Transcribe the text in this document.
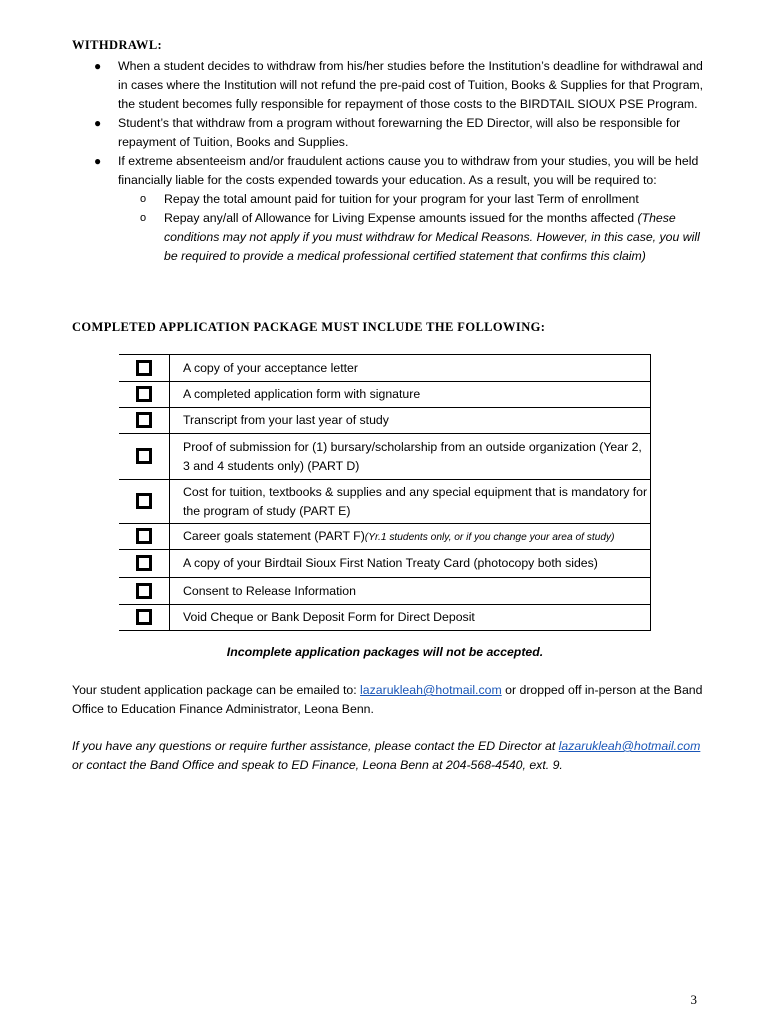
WITHDRAWL:
● When a student decides to withdraw from his/her studies before the Institution’s deadline for withdrawal and in cases where the Institution will not refund the pre-paid cost of Tuition, Books & Supplies for that Program, the student becomes fully responsible for repayment of those costs to the BIRDTAIL SIOUX PSE Program.
● Student’s that withdraw from a program without forewarning the ED Director, will also be responsible for repayment of Tuition, Books and Supplies.
● If extreme absenteeism and/or fraudulent actions cause you to withdraw from your studies, you will be held financially liable for the costs expended towards your education. As a result, you will be required to:
o Repay the total amount paid for tuition for your program for your last Term of enrollment
o Repay any/all of Allowance for Living Expense amounts issued for the months affected (These conditions may not apply if you must withdraw for Medical Reasons. However, in this case, you will be required to provide a medical professional certified statement that confirms this claim)
COMPLETED APPLICATION PACKAGE MUST INCLUDE THE FOLLOWING:
	A copy of your acceptance letter
	A completed application form with signature
	Transcript from your last year of study
	Proof of submission for (1) bursary/scholarship from an outside organization (Year 2, 3 and 4 students only) (PART D)
	Cost for tuition, textbooks & supplies and any special equipment that is mandatory for the program of study (PART E)
	Career goals statement (PART F)(Yr.1 students only, or if you change your area of study)
	A copy of your Birdtail Sioux First Nation Treaty Card (photocopy both sides)
	Consent to Release Information
	Void Cheque or Bank Deposit Form for Direct Deposit
Incomplete application packages will not be accepted.
Your student application package can be emailed to: lazarukleah@hotmail.com or dropped off in-person at the Band Office to Education Finance Administrator, Leona Benn.
If you have any questions or require further assistance, please contact the ED Director at lazarukleah@hotmail.com or contact the Band Office and speak to ED Finance, Leona Benn at 204-568-4540, ext. 9.
3
